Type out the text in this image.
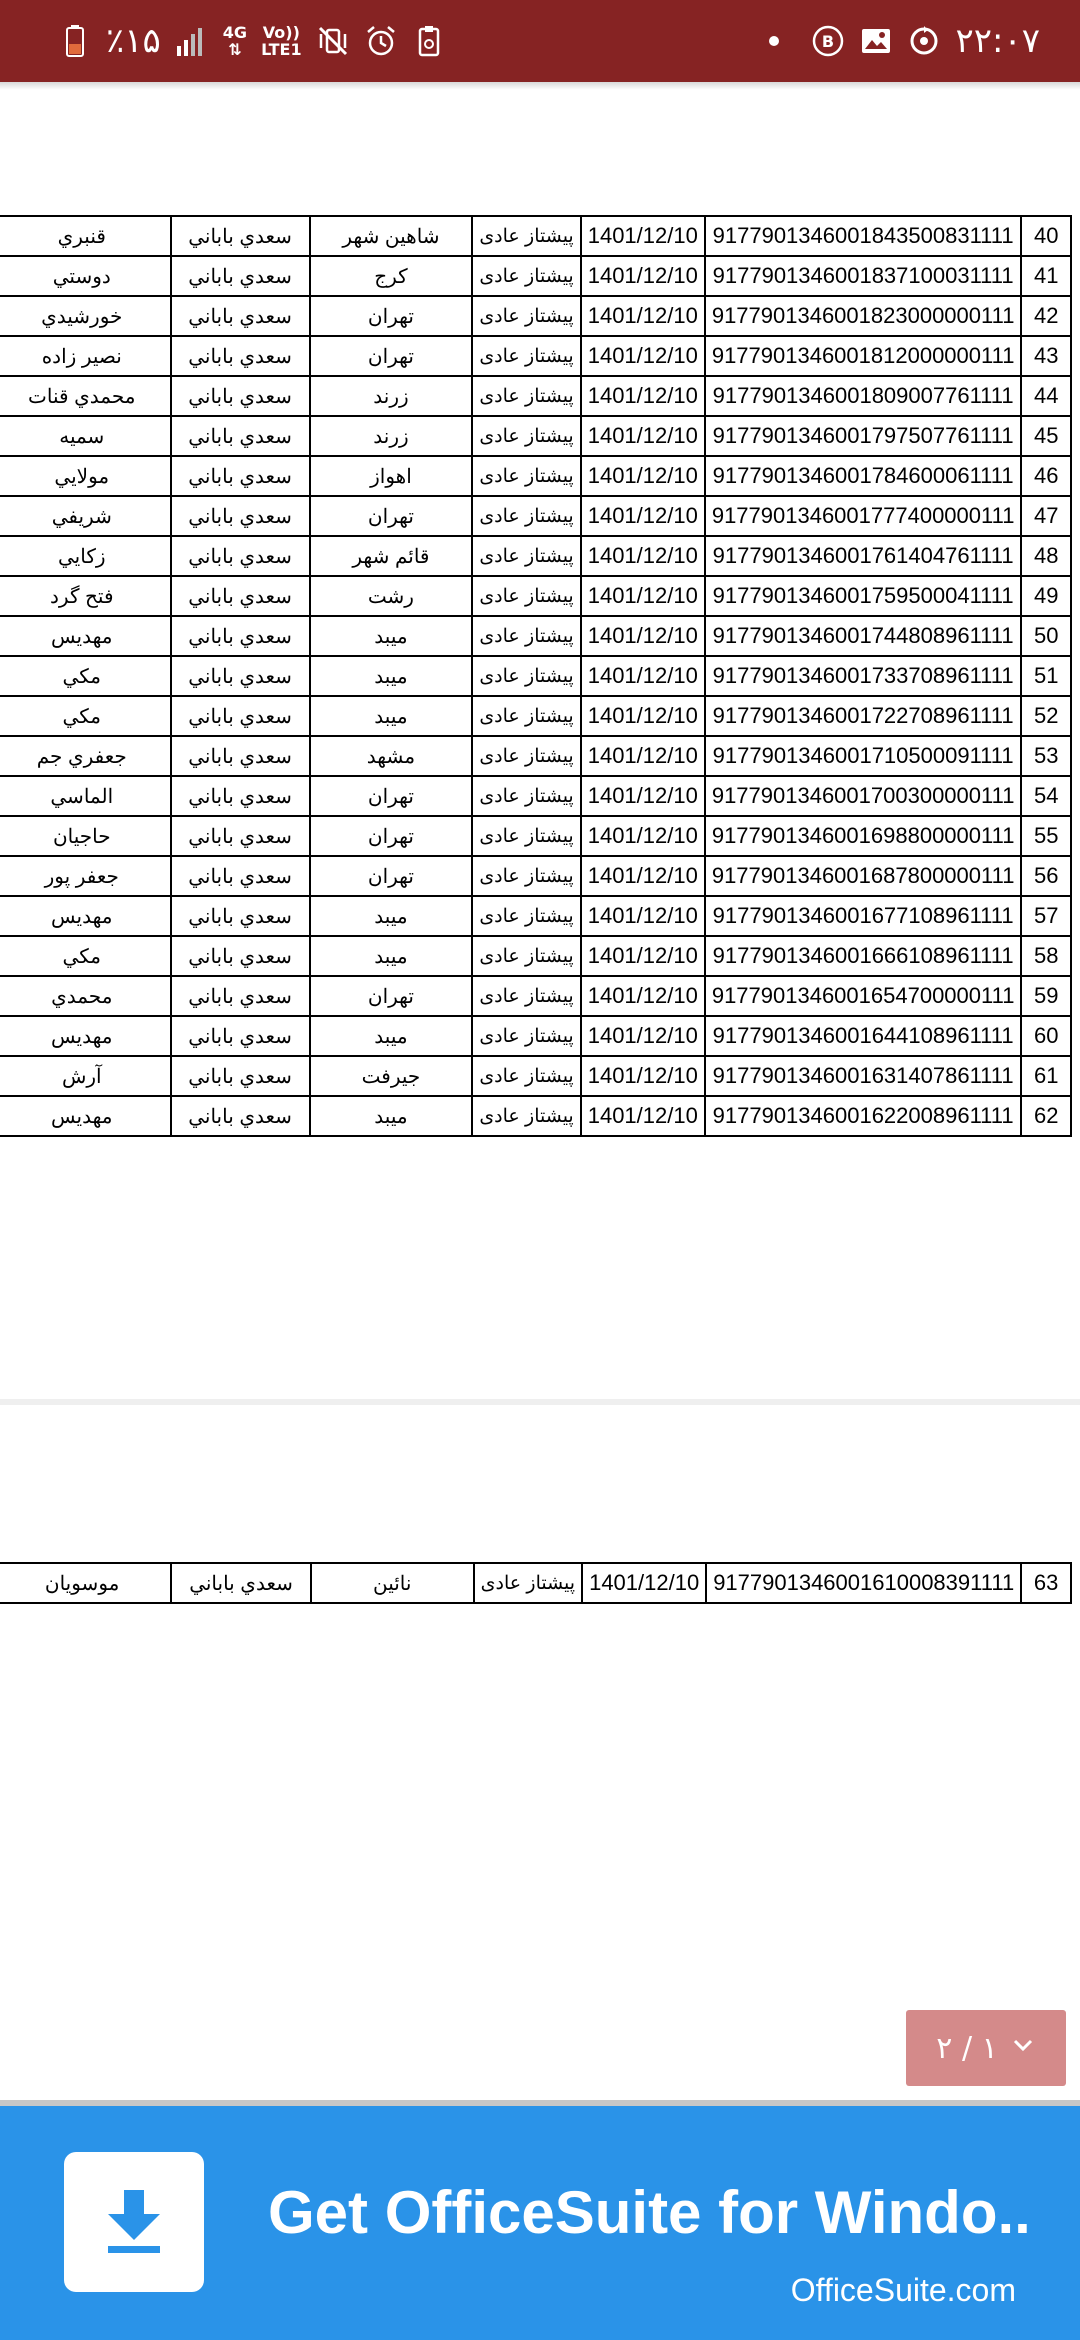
٪۱۵	4G
⇅
Vo))
LTE1	B	۲۲:۰۷
قنبري	سعدي باباني	شاهین شهر	پیشتاز عادی	1401/12/10	9177901346001843500831111	40
دوستي	سعدي باباني	کرج	پیشتاز عادی	1401/12/10	9177901346001837100031111	41
خورشيدي	سعدي باباني	تهران	پیشتاز عادی	1401/12/10	9177901346001823000000111	42
نصير زاده	سعدي باباني	تهران	پیشتاز عادی	1401/12/10	9177901346001812000000111	43
محمدي قنات	سعدي باباني	زرند	پیشتاز عادی	1401/12/10	9177901346001809007761111	44
سميه	سعدي باباني	زرند	پیشتاز عادی	1401/12/10	9177901346001797507761111	45
مولايي	سعدي باباني	اهواز	پیشتاز عادی	1401/12/10	9177901346001784600061111	46
شريفي	سعدي باباني	تهران	پیشتاز عادی	1401/12/10	9177901346001777400000111	47
زكايي	سعدي باباني	قائم شهر	پیشتاز عادی	1401/12/10	9177901346001761404761111	48
فتح گرد	سعدي باباني	رشت	پیشتاز عادی	1401/12/10	9177901346001759500041111	49
مهديس	سعدي باباني	ميبد	پیشتاز عادی	1401/12/10	9177901346001744808961111	50
مكي	سعدي باباني	ميبد	پیشتاز عادی	1401/12/10	9177901346001733708961111	51
مكي	سعدي باباني	ميبد	پیشتاز عادی	1401/12/10	9177901346001722708961111	52
جعفري جم	سعدي باباني	مشهد	پیشتاز عادی	1401/12/10	9177901346001710500091111	53
الماسي	سعدي باباني	تهران	پیشتاز عادی	1401/12/10	9177901346001700300000111	54
حاجيان	سعدي باباني	تهران	پیشتاز عادی	1401/12/10	9177901346001698800000111	55
جعفر پور	سعدي باباني	تهران	پیشتاز عادی	1401/12/10	9177901346001687800000111	56
مهديس	سعدي باباني	ميبد	پیشتاز عادی	1401/12/10	9177901346001677108961111	57
مكي	سعدي باباني	ميبد	پیشتاز عادی	1401/12/10	9177901346001666108961111	58
محمدي	سعدي باباني	تهران	پیشتاز عادی	1401/12/10	9177901346001654700000111	59
مهديس	سعدي باباني	ميبد	پیشتاز عادی	1401/12/10	9177901346001644108961111	60
آرش	سعدي باباني	جيرفت	پیشتاز عادی	1401/12/10	9177901346001631407861111	61
مهديس	سعدي باباني	ميبد	پیشتاز عادی	1401/12/10	9177901346001622008961111	62
موسويان	سعدي باباني	نائين	پیشتاز عادی	1401/12/10	9177901346001610008391111	63
۲ / ۱
Get OfficeSuite for Windo..
OfficeSuite.com
